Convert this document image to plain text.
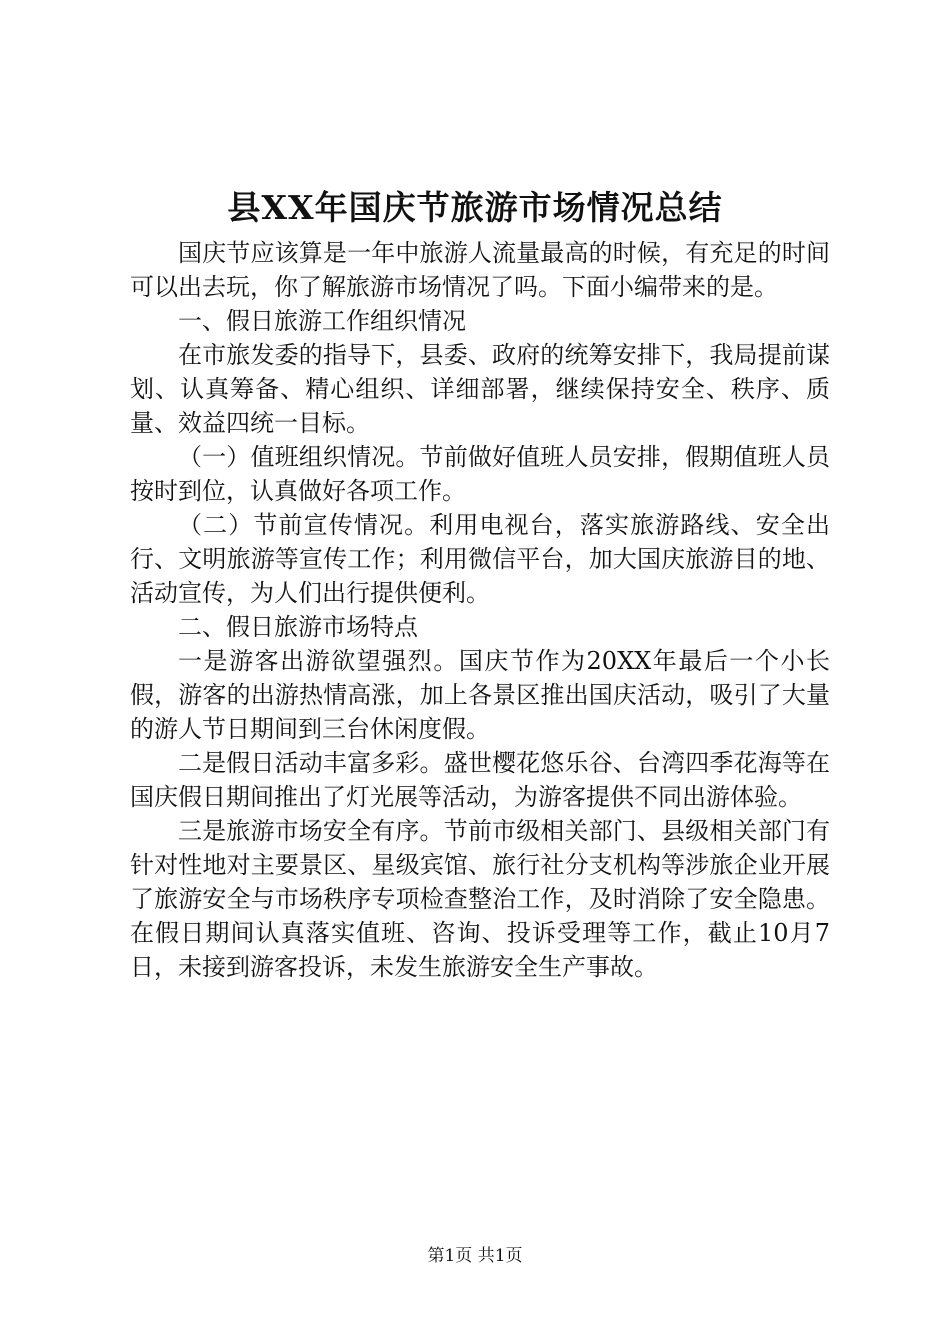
县XX年国庆节旅游市场情况总结

国庆节应该算是一年中旅游人流量最高的时候，有充足的时间可以出去玩，你了解旅游市场情况了吗。下面小编带来的是。

一、假日旅游工作组织情况

在市旅发委的指导下，县委、政府的统筹安排下，我局提前谋划、认真筹备、精心组织、详细部署，继续保持安全、秩序、质量、效益四统一目标。

（一）值班组织情况。节前做好值班人员安排，假期值班人员按时到位，认真做好各项工作。

（二）节前宣传情况。利用电视台，落实旅游路线、安全出行、文明旅游等宣传工作；利用微信平台，加大国庆旅游目的地、活动宣传，为人们出行提供便利。

二、假日旅游市场特点

一是游客出游欲望强烈。国庆节作为20XX年最后一个小长假，游客的出游热情高涨，加上各景区推出国庆活动，吸引了大量的游人节日期间到三台休闲度假。

二是假日活动丰富多彩。盛世樱花悠乐谷、台湾四季花海等在国庆假日期间推出了灯光展等活动，为游客提供不同出游体验。

三是旅游市场安全有序。节前市级相关部门、县级相关部门有针对性地对主要景区、星级宾馆、旅行社分支机构等涉旅企业开展了旅游安全与市场秩序专项检查整治工作，及时消除了安全隐患。在假日期间认真落实值班、咨询、投诉受理等工作，截止10月7日，未接到游客投诉，未发生旅游安全生产事故。

第1页 共1页
